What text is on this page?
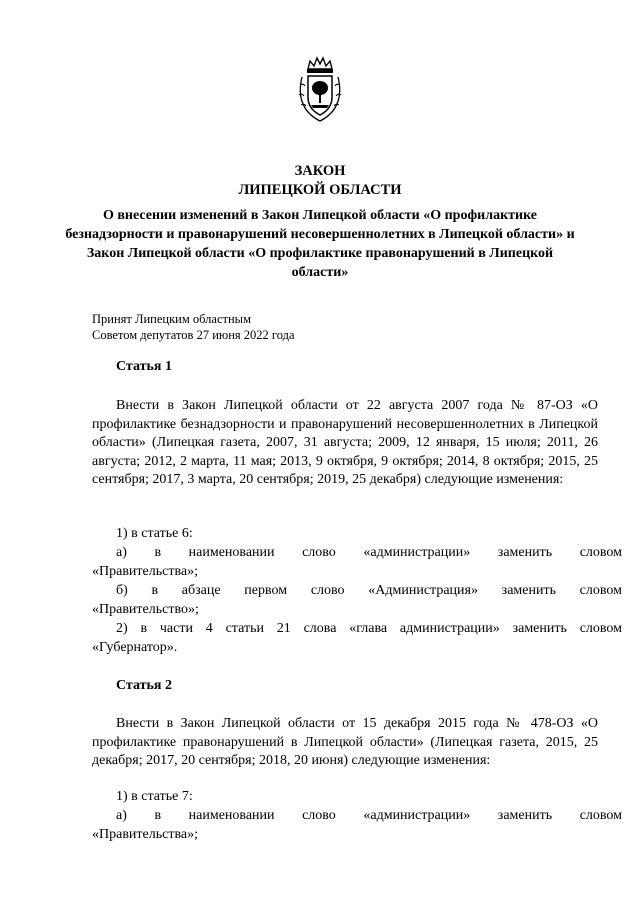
ЗАКОН
ЛИПЕЦКОЙ ОБЛАСТИ
О внесении изменений в Закон Липецкой области «О профилактике безнадзорности и правонарушений несовершеннолетних в Липецкой области» и Закон Липецкой области «О профилактике правонарушений в Липецкой области»
Принят Липецким областным
Советом депутатов 27 июня 2022 года
Статья 1
Внести в Закон Липецкой области от 22 августа 2007 года № 87-ОЗ «О профилактике безнадзорности и правонарушений несовершеннолетних в Липецкой области» (Липецкая газета, 2007, 31 августа; 2009, 12 января, 15 июля; 2011, 26 августа; 2012, 2 марта, 11 мая; 2013, 9 октября, 9 октября; 2014, 8 октября; 2015, 25 сентября; 2017, 3 марта, 20 сентября; 2019, 25 декабря) следующие изменения:
1) в статье 6:
а) в наименовании слово «администрации» заменить словом
«Правительства»;
б) в абзаце первом слово «Администрация» заменить словом
«Правительство»;
2) в части 4 статьи 21 слова «глава администрации» заменить словом
«Губернатор».
Статья 2
Внести в Закон Липецкой области от 15 декабря 2015 года № 478-ОЗ «О профилактике правонарушений в Липецкой области» (Липецкая газета, 2015, 25 декабря; 2017, 20 сентября; 2018, 20 июня) следующие изменения:
1) в статье 7:
а) в наименовании слово «администрации» заменить словом
«Правительства»;
